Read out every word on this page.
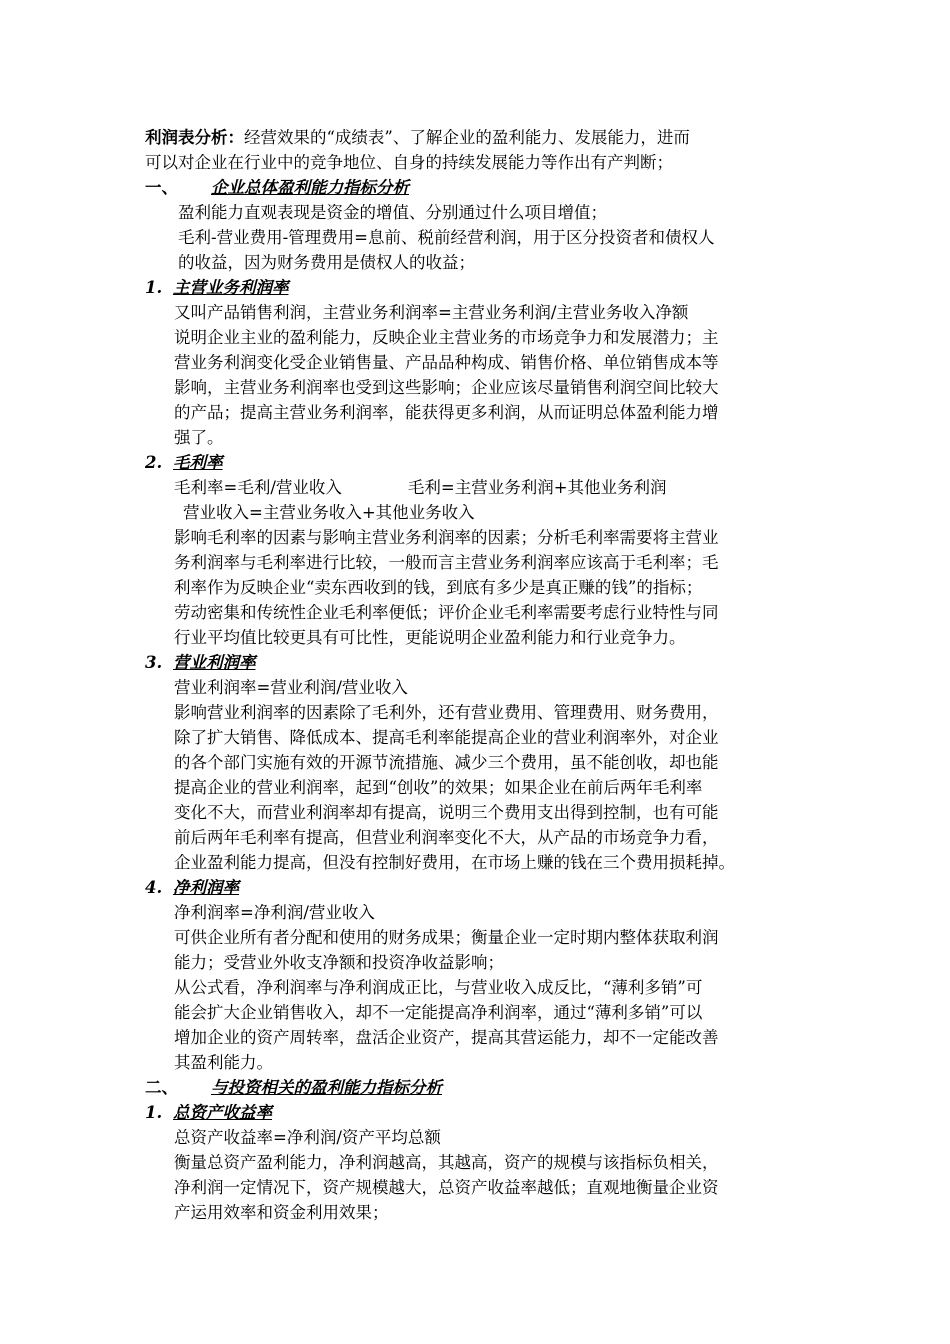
利润表分析：经营效果的“成绩表”、了解企业的盈利能力、发展能力，进而
可以对企业在行业中的竞争地位、自身的持续发展能力等作出有产判断；
一、 企业总体盈利能力指标分析
盈利能力直观表现是资金的增值、分别通过什么项目增值；
毛利-营业费用-管理费用=息前、税前经营利润，用于区分投资者和债权人
的收益，因为财务费用是债权人的收益；
1. 主营业务利润率
又叫产品销售利润，主营业务利润率=主营业务利润/主营业务收入净额
说明企业主业的盈利能力，反映企业主营业务的市场竞争力和发展潜力；主
营业务利润变化受企业销售量、产品品种构成、销售价格、单位销售成本等
影响，主营业务利润率也受到这些影响；企业应该尽量销售利润空间比较大
的产品；提高主营业务利润率，能获得更多利润，从而证明总体盈利能力增
强了。
2. 毛利率
毛利率=毛利/营业收入	毛利=主营业务利润+其他业务利润
营业收入=主营业务收入+其他业务收入
影响毛利率的因素与影响主营业务利润率的因素；分析毛利率需要将主营业
务利润率与毛利率进行比较，一般而言主营业务利润率应该高于毛利率；毛
利率作为反映企业“卖东西收到的钱，到底有多少是真正赚的钱”的指标；
劳动密集和传统性企业毛利率便低；评价企业毛利率需要考虑行业特性与同
行业平均值比较更具有可比性，更能说明企业盈利能力和行业竞争力。
3. 营业利润率
营业利润率=营业利润/营业收入
影响营业利润率的因素除了毛利外，还有营业费用、管理费用、财务费用，
除了扩大销售、降低成本、提高毛利率能提高企业的营业利润率外，对企业
的各个部门实施有效的开源节流措施、减少三个费用，虽不能创收，却也能
提高企业的营业利润率，起到“创收”的效果；如果企业在前后两年毛利率
变化不大，而营业利润率却有提高，说明三个费用支出得到控制，也有可能
前后两年毛利率有提高，但营业利润率变化不大，从产品的市场竞争力看，
企业盈利能力提高，但没有控制好费用，在市场上赚的钱在三个费用损耗掉。
4. 净利润率
净利润率=净利润/营业收入
可供企业所有者分配和使用的财务成果；衡量企业一定时期内整体获取利润
能力；受营业外收支净额和投资净收益影响；
从公式看，净利润率与净利润成正比，与营业收入成反比，“薄利多销”可
能会扩大企业销售收入，却不一定能提高净利润率，通过“薄利多销”可以
增加企业的资产周转率，盘活企业资产，提高其营运能力，却不一定能改善
其盈利能力。
二、 与投资相关的盈利能力指标分析
1. 总资产收益率
总资产收益率=净利润/资产平均总额
衡量总资产盈利能力，净利润越高，其越高，资产的规模与该指标负相关，
净利润一定情况下，资产规模越大，总资产收益率越低；直观地衡量企业资
产运用效率和资金利用效果；
